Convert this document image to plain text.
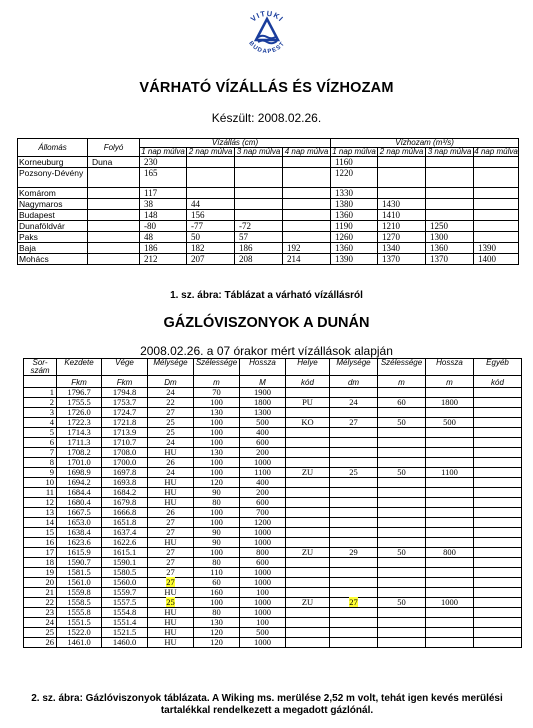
VITUKI
BUDAPEST
VÁRHATÓ VÍZÁLLÁS ÉS VÍZHOZAM
Készült: 2008.02.26.
Állomás	Folyó	Vízállás (cm)				Vízhozam (m³/s)			
		1 nap múlva	2 nap múlva	3 nap múlva	4 nap múlva	1 nap múlva	2 nap múlva	3 nap múlva	4 nap múlva
Korneuburg	Duna	230				1160			
Pozsony-Dévény		165				1220			
Komárom		117				1330			
Nagymaros		38	44			1380	1430		
Budapest		148	156			1360	1410		
Dunaföldvár		-80	-77	-72		1190	1210	1250	
Paks		48	50	57		1260	1270	1300	
Baja		186	182	186	192	1360	1340	1360	1390
Mohács		212	207	208	214	1390	1370	1370	1400
1. sz. ábra: Táblázat a várható vízállásról
GÁZLÓVISZONYOK A DUNÁN
2008.02.26. a 07 órakor mért vízállások alapján
Sor-szám	Kezdete	Vége	Mélysége	Szélessége	Hossza	Helye	Mélysége	Szélessége	Hossza	Egyéb
	Fkm	Fkm	Dm	m	M	kód	dm	m	m	kód
1	1796.7	1794.8	24	70	1900					
2	1755.5	1753.7	22	100	1800	PU	24	60	1800	
3	1726.0	1724.7	27	130	1300					
4	1722.3	1721.8	25	100	500	KO	27	50	500	
5	1714.3	1713.9	25	100	400					
6	1711.3	1710.7	24	100	600					
7	1708.2	1708.0	HU	130	200					
8	1701.0	1700.0	26	100	1000					
9	1698.9	1697.8	24	100	1100	ZU	25	50	1100	
10	1694.2	1693.8	HU	120	400					
11	1684.4	1684.2	HU	90	200					
12	1680.4	1679.8	HU	80	600					
13	1667.5	1666.8	26	100	700					
14	1653.0	1651.8	27	100	1200					
15	1638.4	1637.4	27	90	1000					
16	1623.6	1622.6	HU	90	1000					
17	1615.9	1615.1	27	100	800	ZU	29	50	800	
18	1590.7	1590.1	27	80	600					
19	1581.5	1580.5	27	110	1000					
20	1561.0	1560.0	27	60	1000					
21	1559.8	1559.7	HU	160	100					
22	1558.5	1557.5	25	100	1000	ZU	27	50	1000	
23	1555.8	1554.8	HU	80	1000					
24	1551.5	1551.4	HU	130	100					
25	1522.0	1521.5	HU	120	500					
26	1461.0	1460.0	HU	120	1000					
2. sz. ábra: Gázlóviszonyok táblázata. A Wiking ms. merülése 2,52 m volt, tehát igen kevés merülési tartalékkal rendelkezett a megadott gázlónál.
